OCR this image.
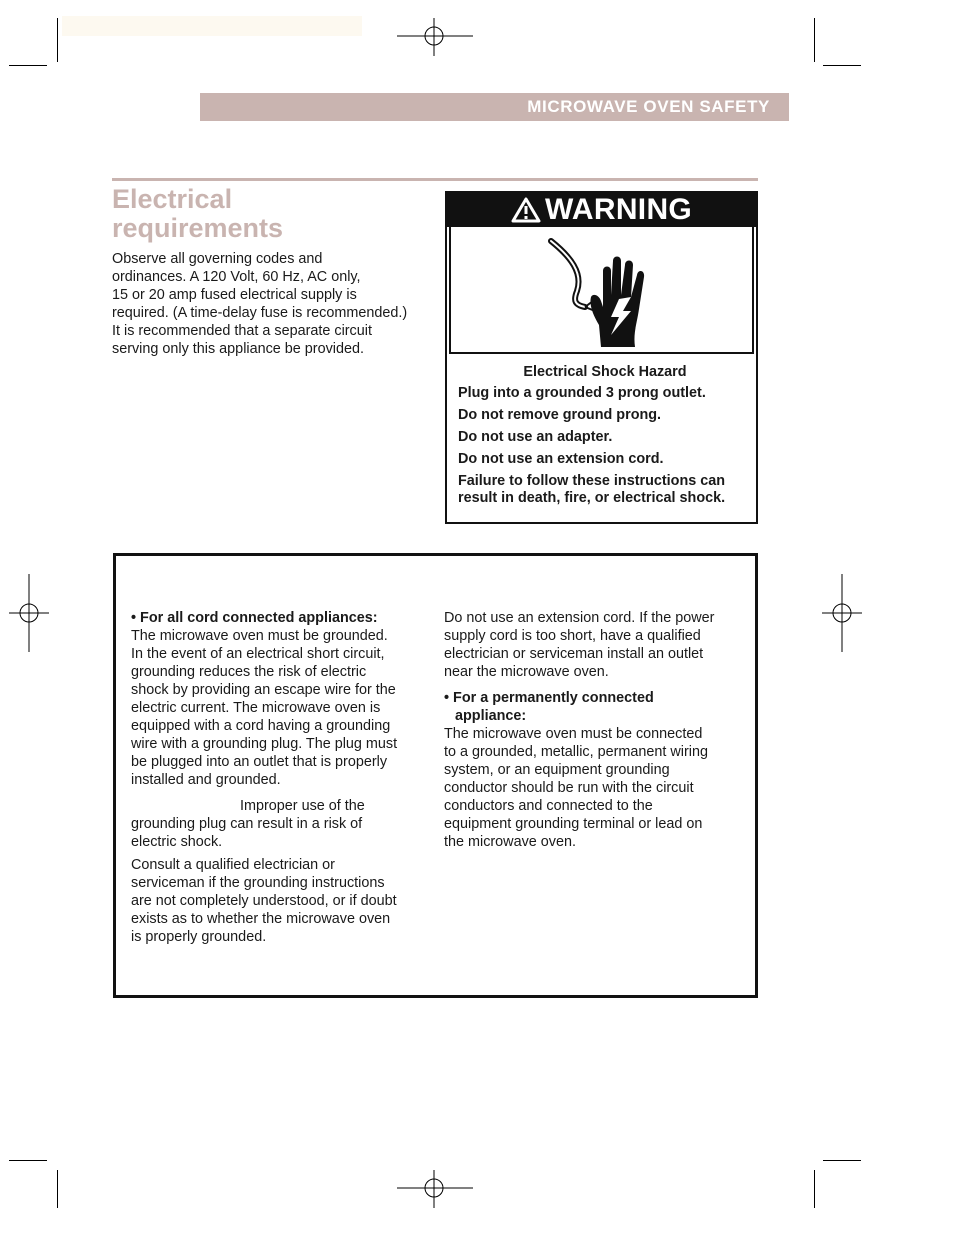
MICROWAVE OVEN SAFETY
Electrical
requirements

Observe all governing codes and
ordinances. A 120 Volt, 60 Hz, AC only,
15 or 20 amp fused electrical supply is
required. (A time-delay fuse is recommended.)
It is recommended that a separate circuit
serving only this appliance be provided.

WARNING

Electrical Shock Hazard

Plug into a grounded 3 prong outlet.

Do not remove ground prong.

Do not use an adapter.

Do not use an extension cord.

Failure to follow these instructions can
result in death, fire, or electrical shock.

• For all cord connected appliances:

The microwave oven must be grounded.
In the event of an electrical short circuit,
grounding reduces the risk of electric
shock by providing an escape wire for the
electric current. The microwave oven is
equipped with a cord having a grounding
wire with a grounding plug. The plug must
be plugged into an outlet that is properly
installed and grounded.

Improper use of the
grounding plug can result in a risk of
electric shock.

Consult a qualified electrician or
serviceman if the grounding instructions
are not completely understood, or if doubt
exists as to whether the microwave oven
is properly grounded.

Do not use an extension cord. If the power
supply cord is too short, have a qualified
electrician or serviceman install an outlet
near the microwave oven.

• For a permanently connected
appliance:

The microwave oven must be connected
to a grounded, metallic, permanent wiring
system, or an equipment grounding
conductor should be run with the circuit
conductors and connected to the
equipment grounding terminal or lead on
the microwave oven.
